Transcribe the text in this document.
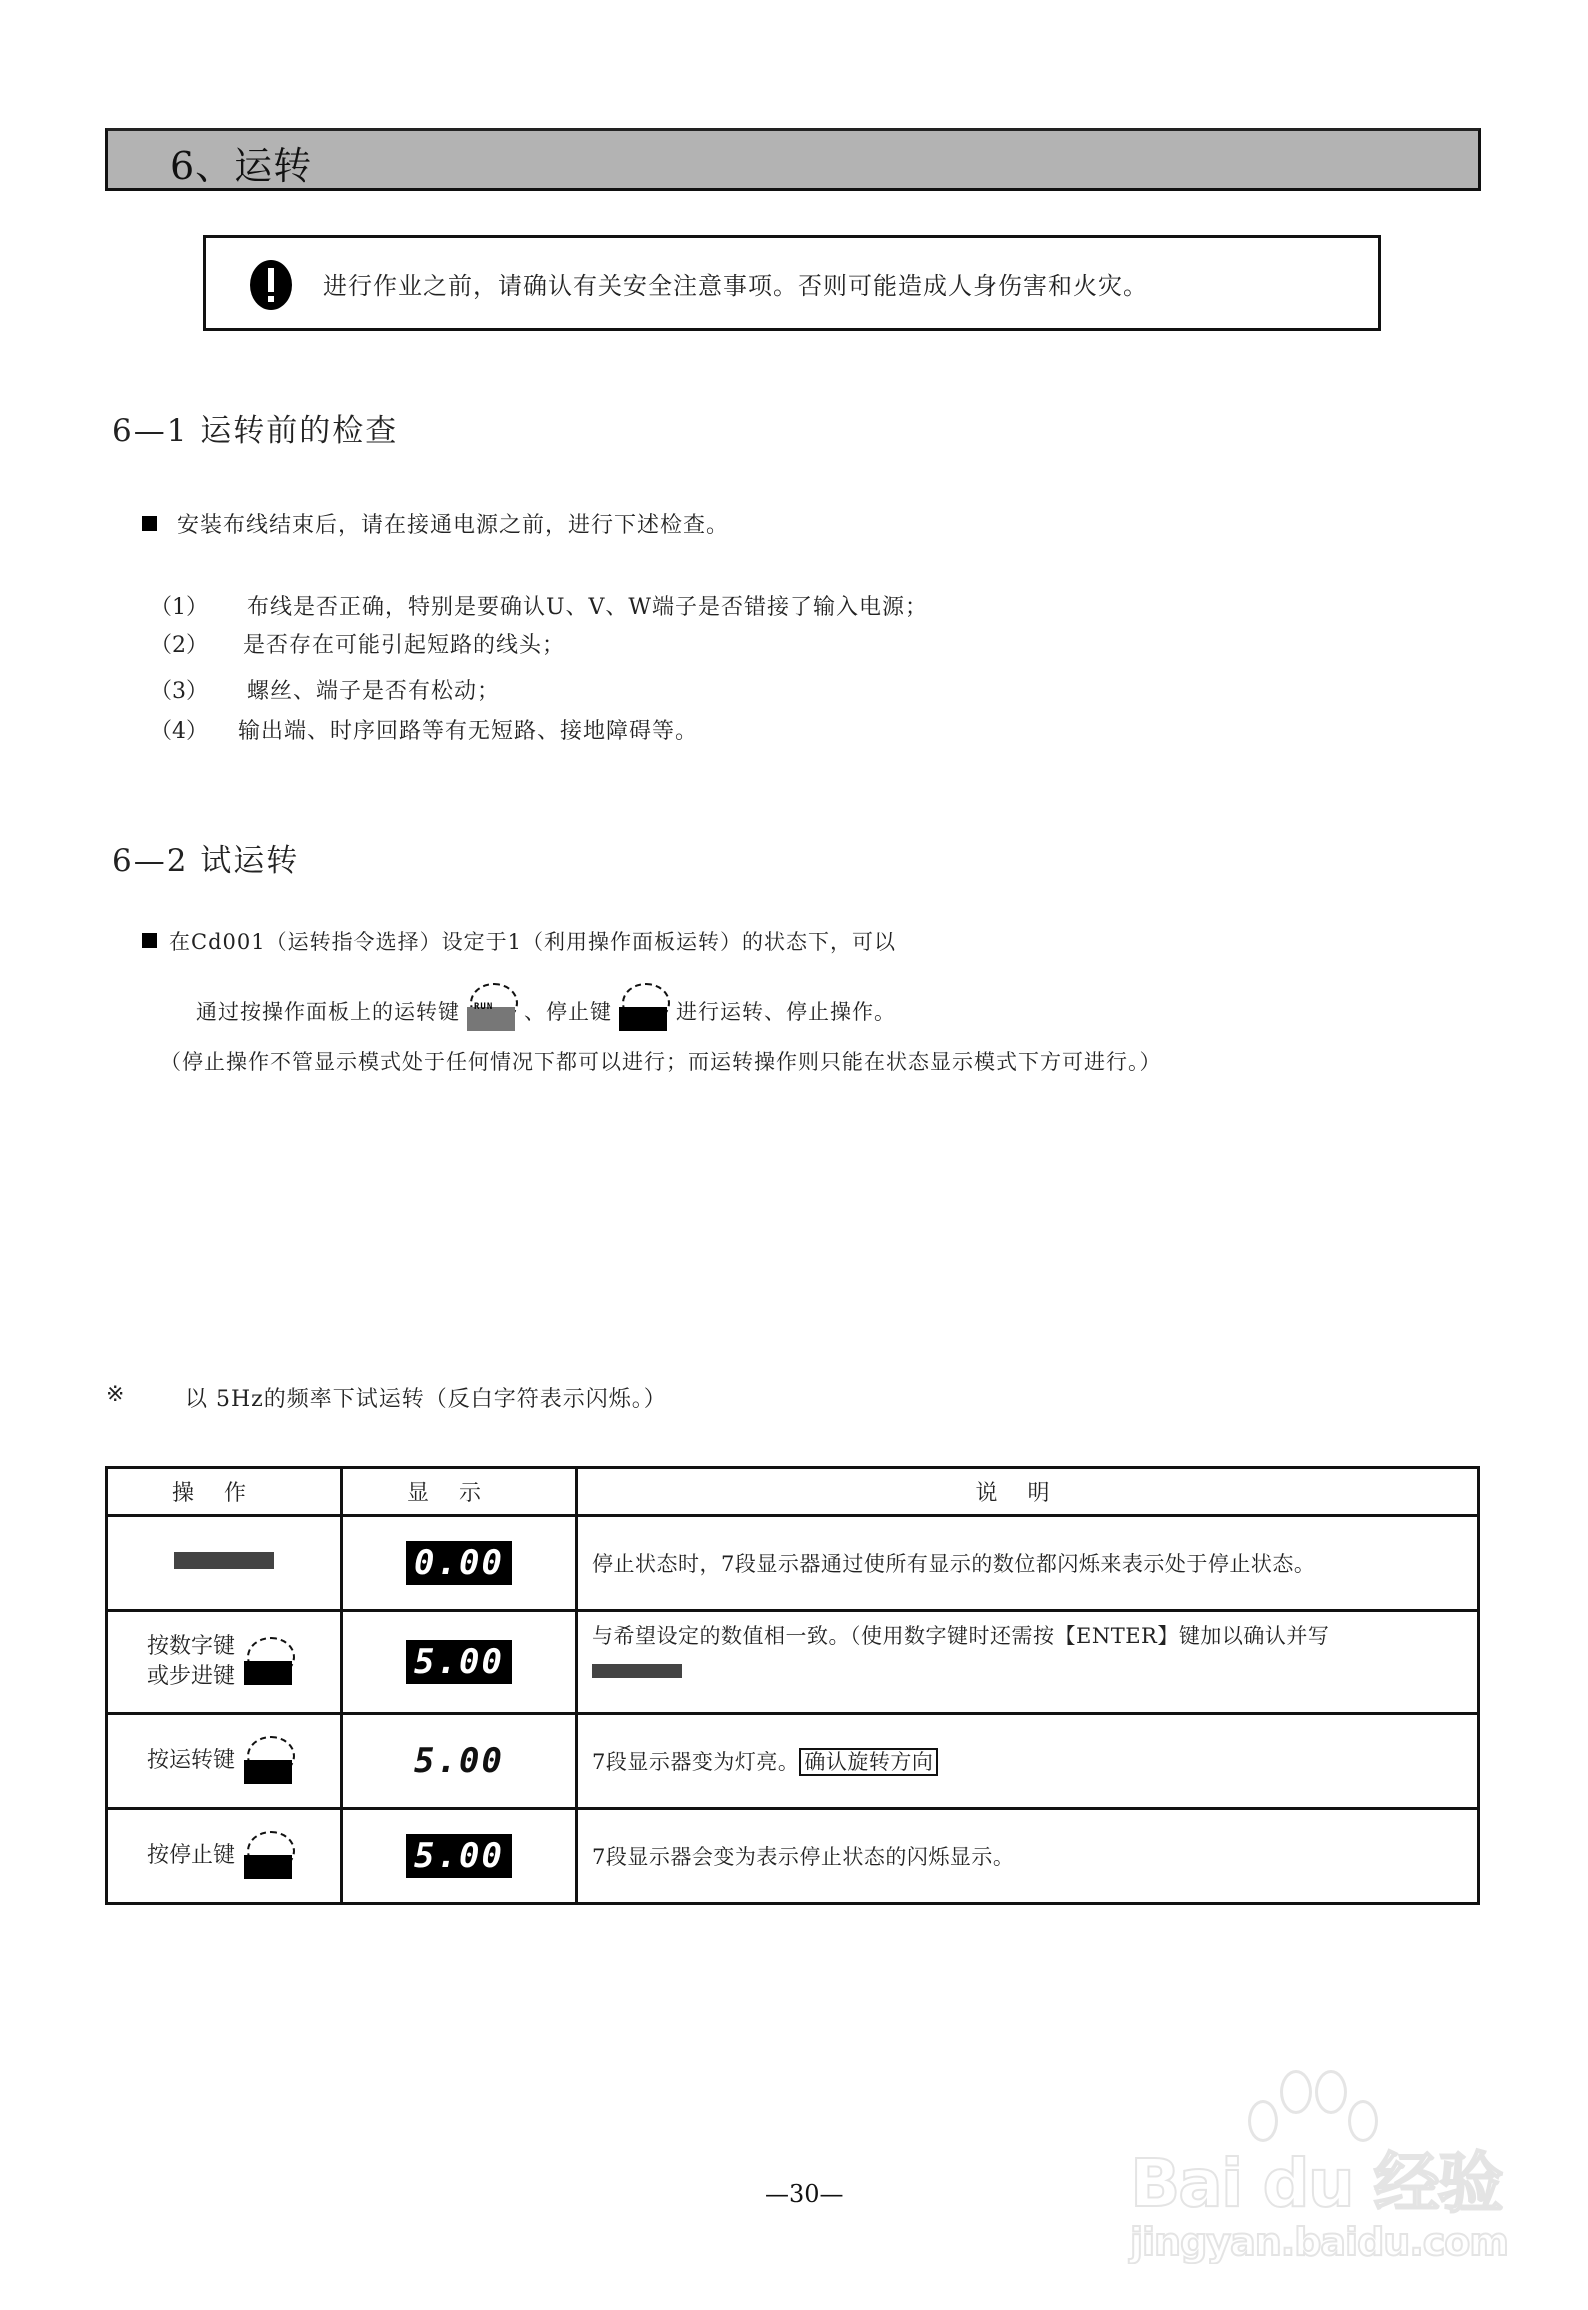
6、运转
进行作业之前，请确认有关安全注意事项。否则可能造成人身伤害和火灾。
6—1 运转前的检查
安装布线结束后，请在接通电源之前，进行下述检查。
（1） 布线是否正确，特别是要确认U、V、W端子是否错接了输入电源；
（2） 是否存在可能引起短路的线头；
（3） 螺丝、端子是否有松动；
（4） 输出端、时序回路等有无短路、接地障碍等。
6—2 试运转
在Cd001（运转指令选择）设定于1（利用操作面板运转）的状态下，可以
通过按操作面板上的运转键 RUN 、停止键	进行运转、停止操作。
（停止操作不管显示模式处于任何情况下都可以进行；而运转操作则只能在状态显示模式下方可进行。）
※	以 5Hz的频率下试运转（反白字符表示闪烁。）
操作	显示	说明
	0.00	停止状态时，7段显示器通过使所有显示的数位都闪烁来表示处于停止状态。

按数字键
或步进键	5.00	与希望设定的数值相一致。（使用数字键时还需按【ENTER】键加以确认并写

按运转键	5.00	7段显示器变为灯亮。 确认旋转方向

按停止键	5.00	7段显示器会变为表示停止状态的闪烁显示。
—30—	Bai du 经验
jingyan.baidu.com
